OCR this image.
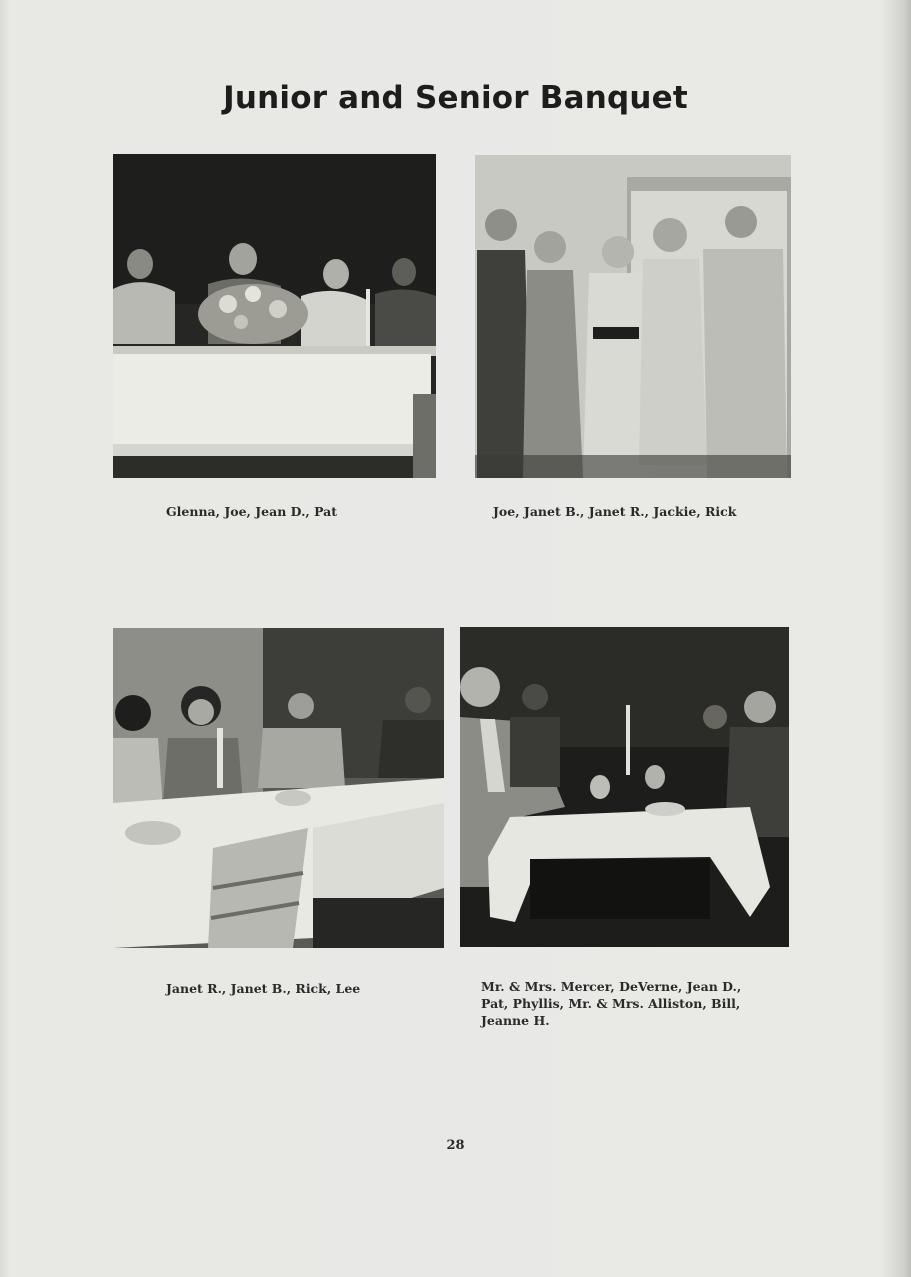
Junior and Senior Banquet
Glenna, Joe, Jean D., Pat	Joe, Janet B., Janet R., Jackie, Rick
Janet R., Janet B., Rick, Lee	Mr. & Mrs. Mercer, DeVerne, Jean D.,
Pat, Phyllis, Mr. & Mrs. Alliston, Bill,
Jeanne H.
28
